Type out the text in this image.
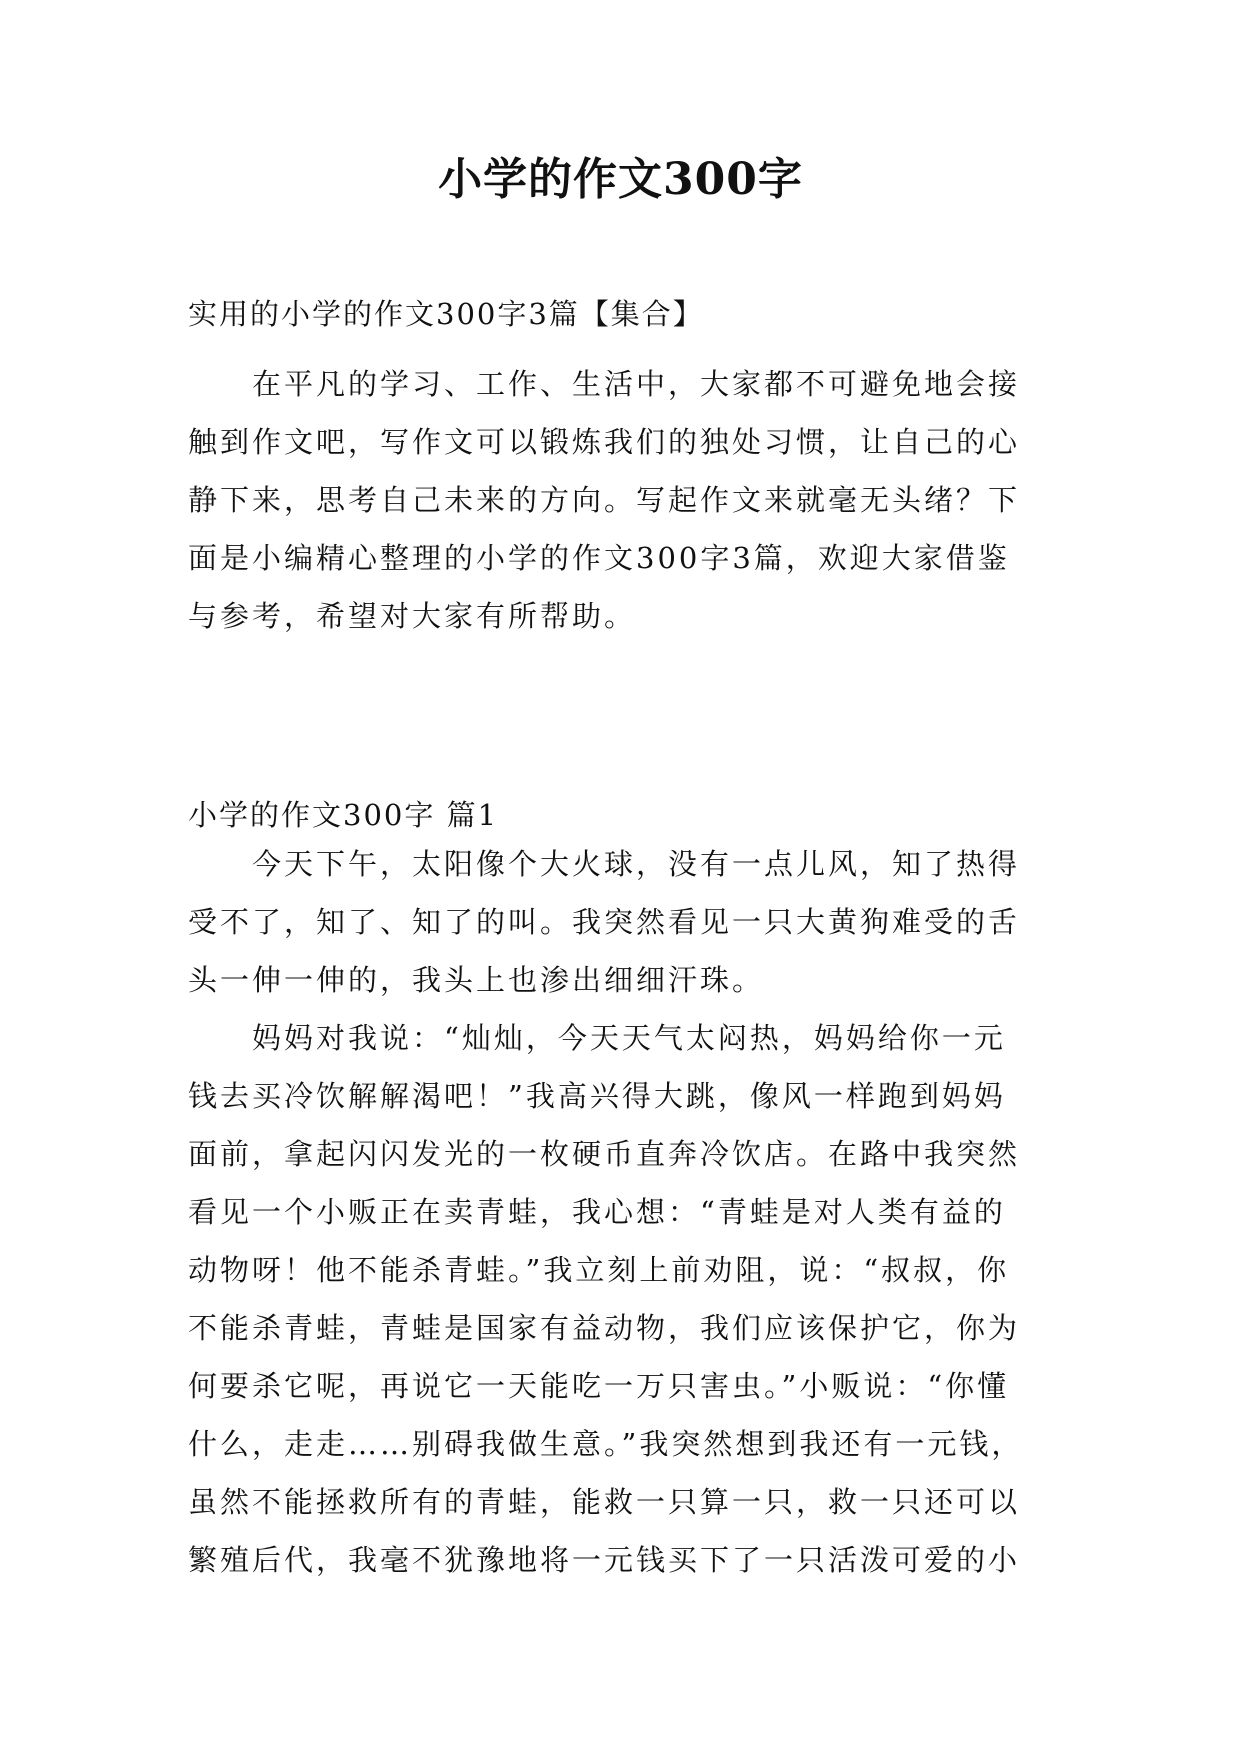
小学的作文300字
实用的小学的作文300字3篇【集合】
　　在平凡的学习、工作、生活中，大家都不可避免地会接
触到作文吧，写作文可以锻炼我们的独处习惯，让自己的心
静下来，思考自己未来的方向。写起作文来就毫无头绪？下
面是小编精心整理的小学的作文300字3篇，欢迎大家借鉴
与参考，希望对大家有所帮助。
小学的作文300字 篇1
　　今天下午，太阳像个大火球，没有一点儿风，知了热得
受不了，知了、知了的叫。我突然看见一只大黄狗难受的舌
头一伸一伸的，我头上也渗出细细汗珠。
　　妈妈对我说：“灿灿，今天天气太闷热，妈妈给你一元
钱去买冷饮解解渴吧！”我高兴得大跳，像风一样跑到妈妈
面前，拿起闪闪发光的一枚硬币直奔冷饮店。在路中我突然
看见一个小贩正在卖青蛙，我心想：“青蛙是对人类有益的
动物呀！他不能杀青蛙。”我立刻上前劝阻，说：“叔叔，你
不能杀青蛙，青蛙是国家有益动物，我们应该保护它，你为
何要杀它呢，再说它一天能吃一万只害虫。”小贩说：“你懂
什么，走走……别碍我做生意。”我突然想到我还有一元钱，
虽然不能拯救所有的青蛙，能救一只算一只，救一只还可以
繁殖后代，我毫不犹豫地将一元钱买下了一只活泼可爱的小
